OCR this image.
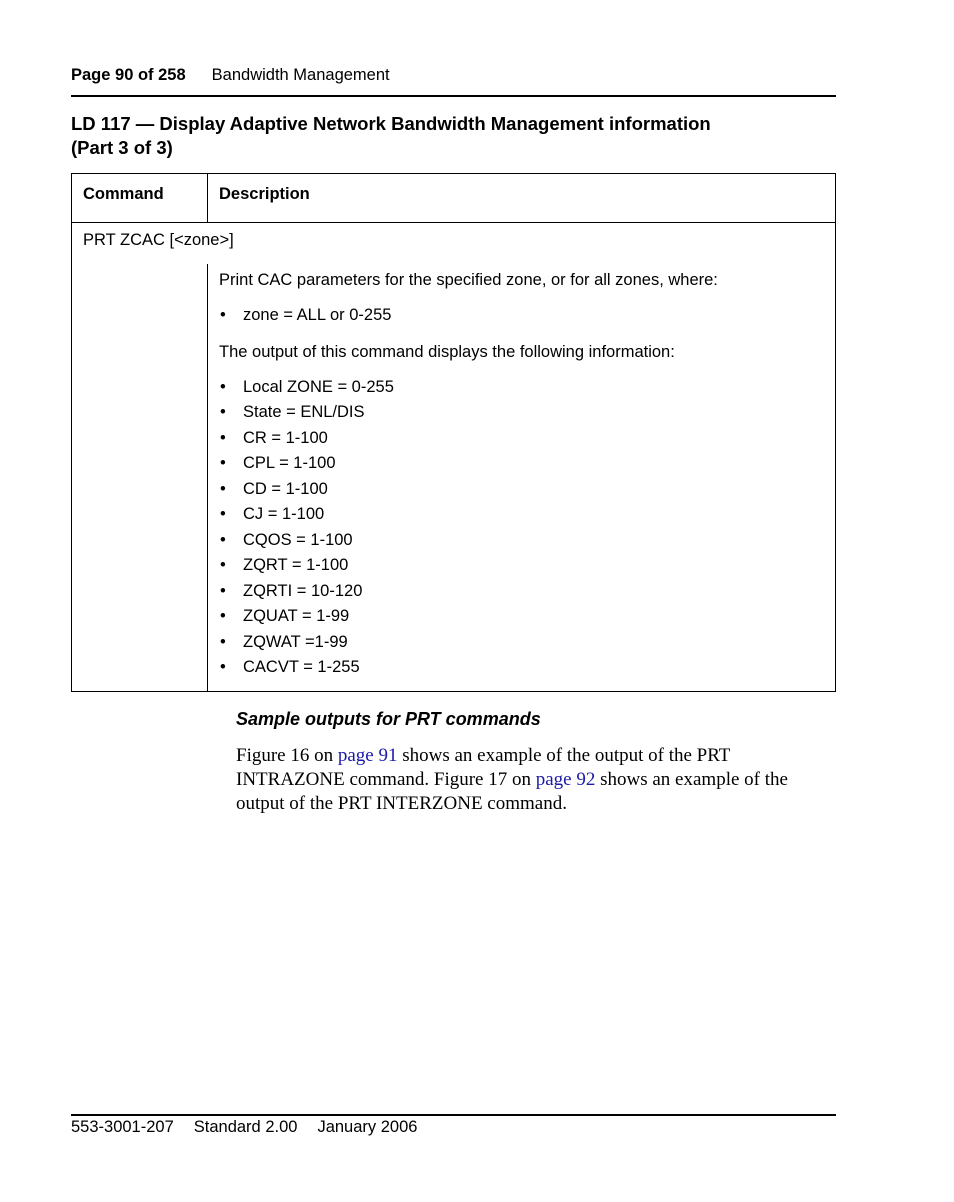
Page 90 of 258 Bandwidth Management
LD 117 — Display Adaptive Network Bandwidth Management information
(Part 3 of 3)
Command	Description
PRT ZCAC [<zone>]

Print CAC parameters for the specified zone, or for all zones, where:

• zone = ALL or 0-255

The output of this command displays the following information:

• Local ZONE = 0-255
• State = ENL/DIS
• CR = 1-100
• CPL = 1-100
• CD = 1-100
• CJ = 1-100
• CQOS = 1-100
• ZQRT = 1-100
• ZQRTI = 10-120
• ZQUAT = 1-99
• ZQWAT =1-99
• CACVT = 1-255
Sample outputs for PRT commands
Figure 16 on page 91 shows an example of the output of the PRT INTRAZONE command. Figure 17 on page 92 shows an example of the output of the PRT INTERZONE command.
553-3001-207 Standard 2.00 January 2006
